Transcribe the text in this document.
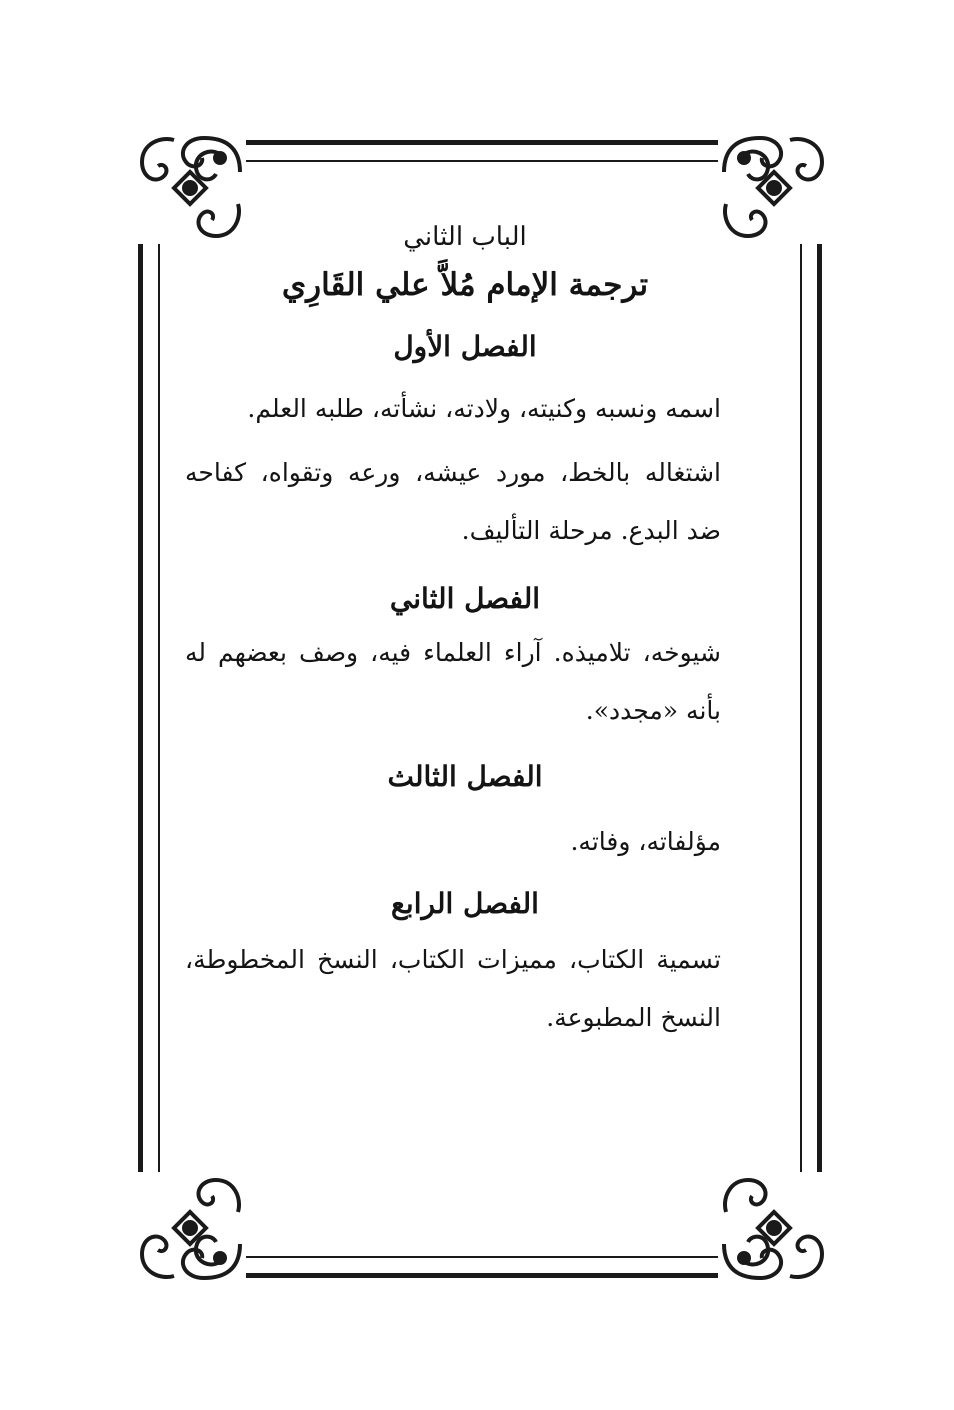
الباب الثاني

ترجمة الإمام مُلاَّ علي القَارِي

الفصل الأول

اسمه ونسبه وكنيته، ولادته، نشأته، طلبه العلم.

اشتغاله بالخط، مورد عيشه، ورعه وتقواه، كفاحه ضد البدع. مرحلة التأليف.

الفصل الثاني

شيوخه، تلاميذه. آراء العلماء فيه، وصف بعضهم له بأنه «مجدد».

الفصل الثالث

مؤلفاته، وفاته.

الفصل الرابع

تسمية الكتاب، مميزات الكتاب، النسخ المخطوطة، النسخ المطبوعة.
